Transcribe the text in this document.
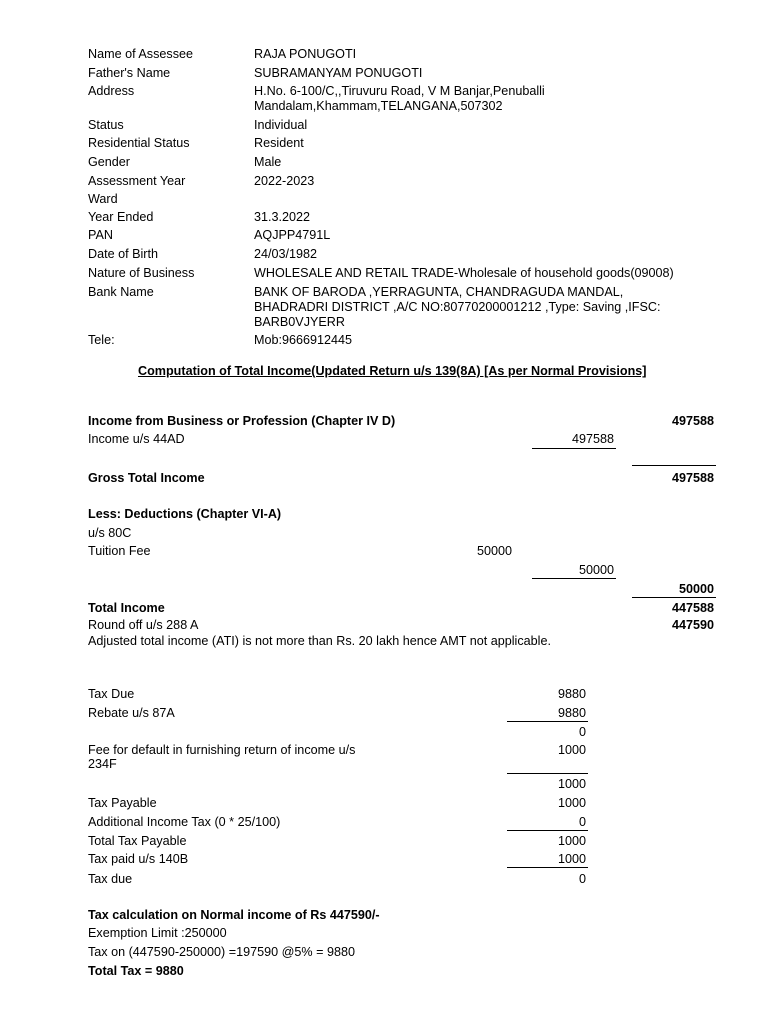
Name of Assessee	RAJA PONUGOTI
Father's Name	SUBRAMANYAM PONUGOTI
Address	H.No. 6-100/C,,Tiruvuru Road, V M Banjar,Penuballi
Mandalam,Khammam,TELANGANA,507302
Status	Individual
Residential Status	Resident
Gender	Male
Assessment Year	2022-2023
Ward
Year Ended	31.3.2022
PAN	AQJPP4791L
Date of Birth	24/03/1982
Nature of Business	WHOLESALE AND RETAIL TRADE-Wholesale of household goods(09008)
Bank Name	BANK OF BARODA ,YERRAGUNTA, CHANDRAGUDA MANDAL,
BHADRADRI DISTRICT ,A/C NO:80770200001212 ,Type: Saving ,IFSC:
BARB0VJYERR
Tele:	Mob:9666912445
Computation of Total Income(Updated Return u/s 139(8A) [As per Normal Provisions]
Income from Business or Profession (Chapter IV D)	497588
Income u/s 44AD	497588
Gross Total Income	497588
Less: Deductions (Chapter VI-A)
u/s 80C
Tuition Fee	50000
50000
50000
Total Income	447588
Round off u/s 288 A	447590
Adjusted total income (ATI) is not more than Rs. 20 lakh hence AMT not applicable.
Tax Due	9880
Rebate u/s 87A	9880
0
Fee for default in furnishing return of income u/s
234F
1000
1000
Tax Payable	1000
Additional Income Tax (0 * 25/100)	0
Total Tax Payable	1000
Tax paid u/s 140B	1000
Tax due	0
Tax calculation on Normal income of Rs 447590/-
Exemption Limit :250000
Tax on (447590-250000) =197590 @5% = 9880
Total Tax = 9880
